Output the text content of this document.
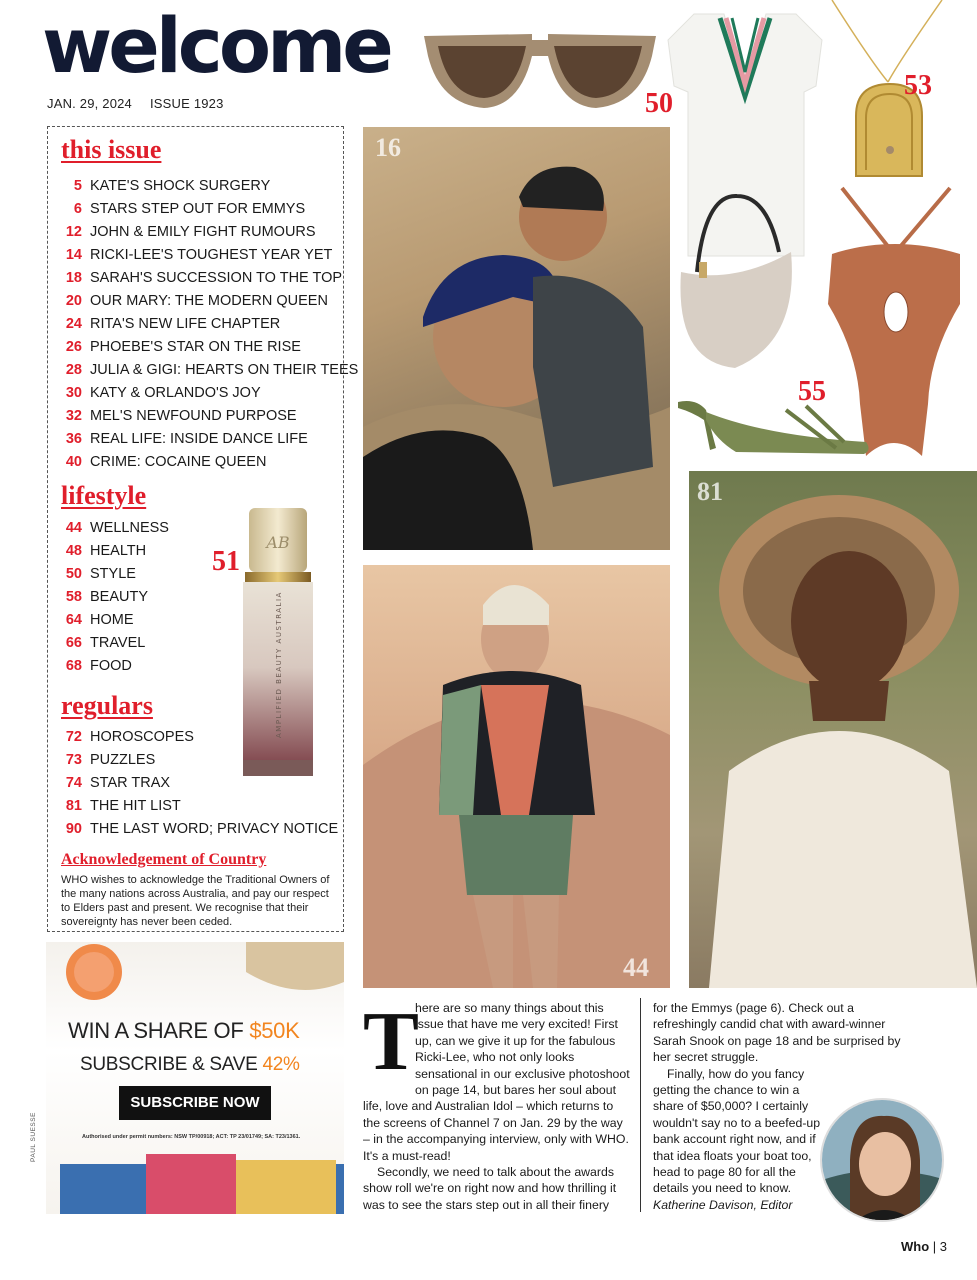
welcome
JAN. 29, 2024 ISSUE 1923
this issue
5 KATE'S SHOCK SURGERY
6 STARS STEP OUT FOR EMMYS
12 JOHN & EMILY FIGHT RUMOURS
14 RICKI-LEE'S TOUGHEST YEAR YET
18 SARAH'S SUCCESSION TO THE TOP
20 OUR MARY: THE MODERN QUEEN
24 RITA'S NEW LIFE CHAPTER
26 PHOEBE'S STAR ON THE RISE
28 JULIA & GIGI: HEARTS ON THEIR TEES
30 KATY & ORLANDO'S JOY
32 MEL'S NEWFOUND PURPOSE
36 REAL LIFE: INSIDE DANCE LIFE
40 CRIME: COCAINE QUEEN
lifestyle
44 WELLNESS
48 HEALTH
50 STYLE
58 BEAUTY
64 HOME
66 TRAVEL
68 FOOD
regulars
72 HOROSCOPES
73 PUZZLES
74 STAR TRAX
81 THE HIT LIST
90 THE LAST WORD; PRIVACY NOTICE
Acknowledgement of Country
WHO wishes to acknowledge the Traditional Owners of the many nations across Australia, and pay our respect to Elders past and present. We recognise that their sovereignty has never been ceded.
51
AB
AMPLIFIED BEAUTY AUSTRALIA
50
53
55
16
44
81
WIN A SHARE OF $50K
SUBSCRIBE & SAVE 42%
SUBSCRIBE NOW
Authorised under permit numbers: NSW TP/00918; ACT: TP 23/01749; SA: T23/1361.
PAUL SUESSE
T
here are so many things about this issue that have me very excited! First up, can we give it up for the fabulous Ricki-Lee, who not only looks sensational in our exclusive photoshoot on page 14, but bares her soul about life, love and Australian Idol – which returns to the screens of Channel 7 on Jan. 29 by the way – in the accompanying interview, only with WHO. It's a must-read!
Secondly, we need to talk about the awards show roll we're on right now and how thrilling it was to see the stars step out in all their finery
for the Emmys (page 6). Check out a refreshingly candid chat with award-winner Sarah Snook on page 18 and be surprised by her secret struggle.
Finally, how do you fancy getting the chance to win a share of $50,000? I certainly wouldn't say no to a beefed-up bank account right now, and if that idea floats your boat too, head to page 80 for all the details you need to know.
Katherine Davison, Editor
Who | 3
